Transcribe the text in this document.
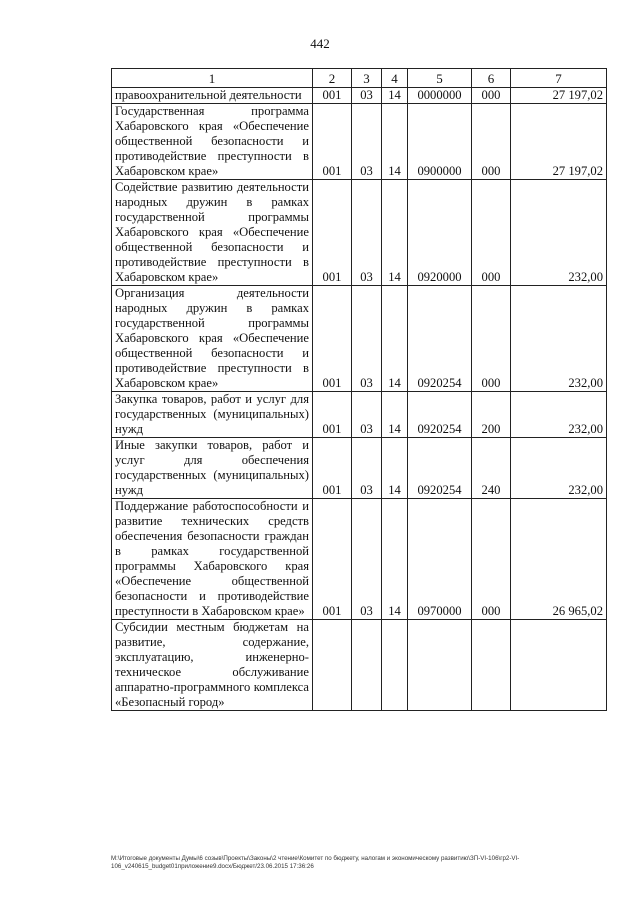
442
1	2	3	4	5	6	7
правоохранительной деятельности	001	03	14	0000000	000	27 197,02
Государственная программа Хабаровского края «Обеспечение общественной безопасности и противодействие преступности в Хабаровском крае»	001	03	14	0900000	000	27 197,02
Содействие развитию деятельности народных дружин в рамках государственной программы Хабаровского края «Обеспечение общественной безопасности и противодействие преступности в Хабаровском крае»	001	03	14	0920000	000	232,00
Организация деятельности народных дружин в рамках государственной программы Хабаровского края «Обеспечение общественной безопасности и противодействие преступности в Хабаровском крае»	001	03	14	0920254	000	232,00
Закупка товаров, работ и услуг для государственных (муниципальных) нужд	001	03	14	0920254	200	232,00
Иные закупки товаров, работ и услуг для обеспечения государственных (муниципальных) нужд	001	03	14	0920254	240	232,00
Поддержание работоспособности и развитие технических средств обеспечения безопасности граждан в рамках государственной программы Хабаровского края «Обеспечение общественной безопасности и противодействие преступности в Хабаровском крае»	001	03	14	0970000	000	26 965,02
Субсидии местным бюджетам на развитие, содержание, эксплуатацию, инженерно-техническое обслуживание аппаратно-программного комплекса «Безопасный город»						
M:\Итоговые документы Думы\6 созыв\Проекты\Законы\2 чтение\Комитет по бюджету, налогам и экономическому развитию\ЗП-VI-106\гр2-VI-106_v240615_budget01приложение9.docx/Бюджет/23.06.2015 17:36:26
